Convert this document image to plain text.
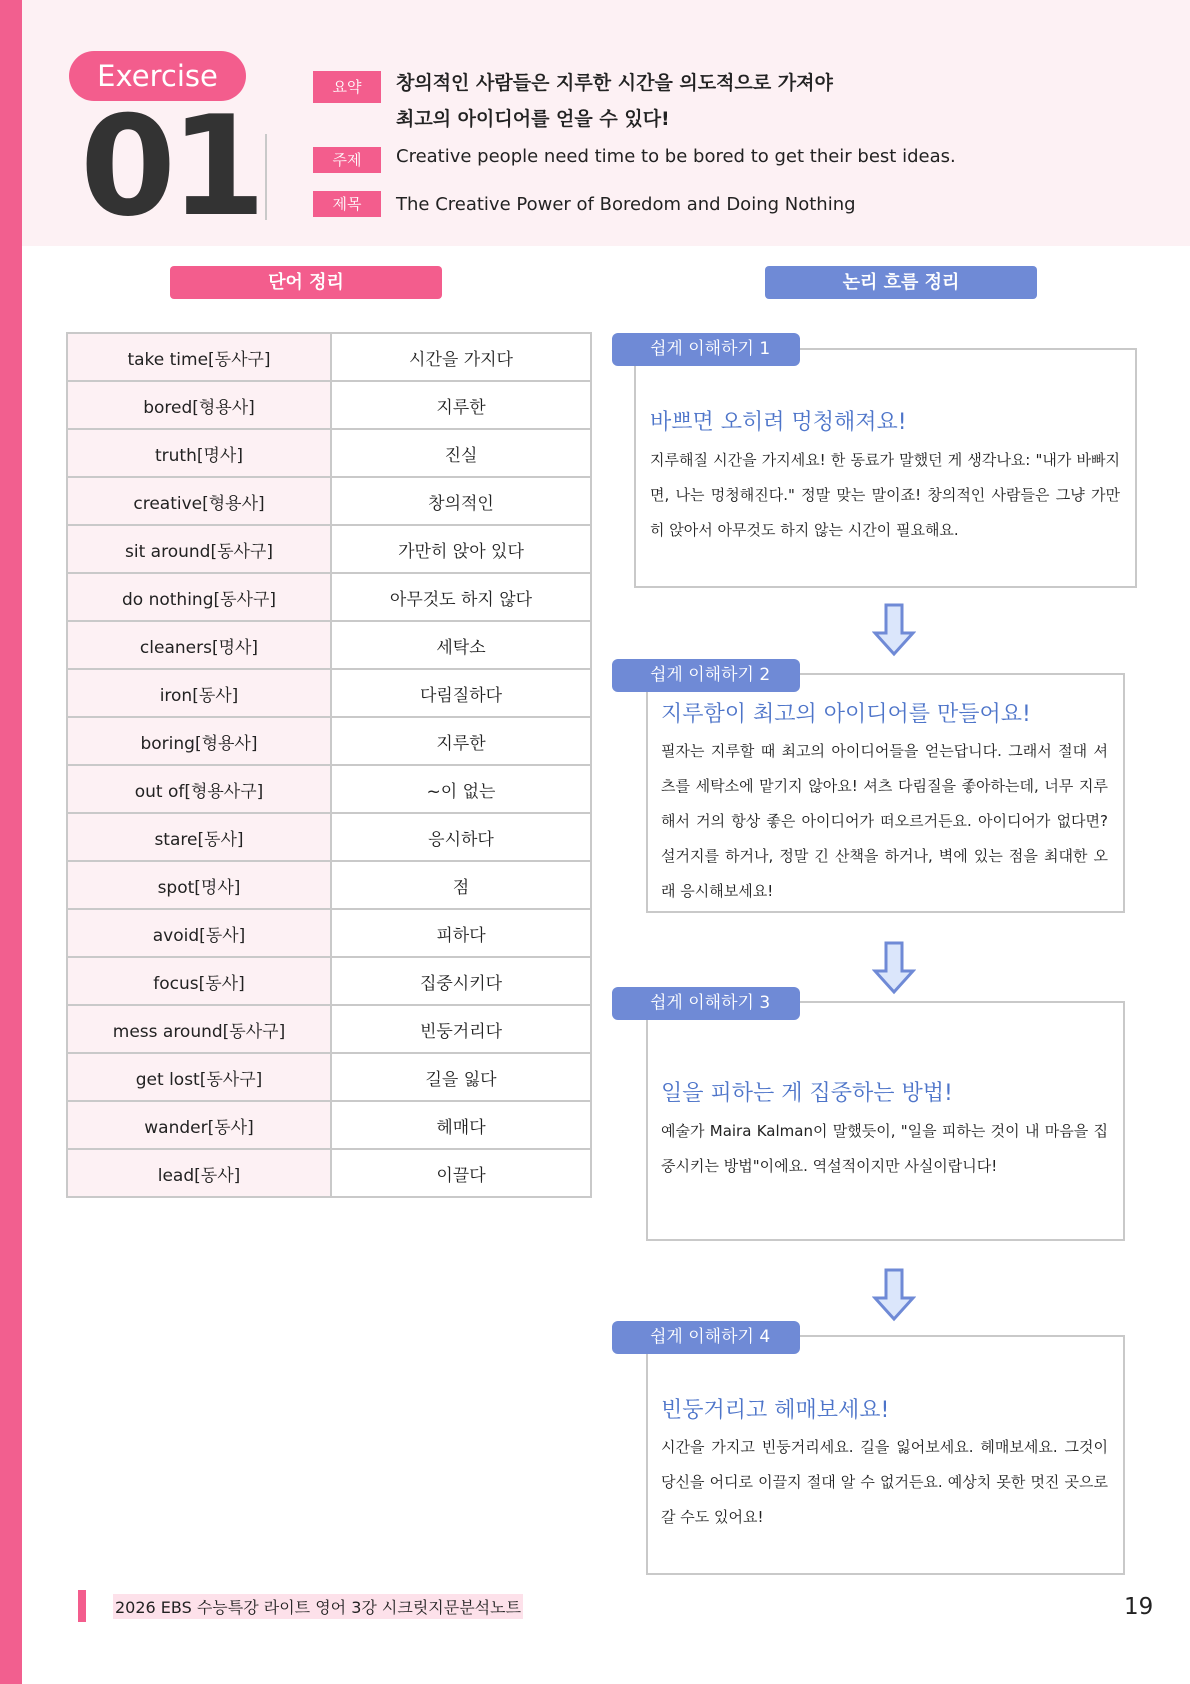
Exercise
01	요약	창의적인 사람들은 지루한 시간을 의도적으로 가져야
최고의 아이디어를 얻을 수 있다!
주제	Creative people need time to be bored to get their best ideas.
제목	The Creative Power of Boredom and Doing Nothing
단어 정리	논리 흐름 정리
take time[동사구]	시간을 가지다
bored[형용사]	지루한
truth[명사]	진실
creative[형용사]	창의적인
sit around[동사구]	가만히 앉아 있다
do nothing[동사구]	아무것도 하지 않다
cleaners[명사]	세탁소
iron[동사]	다림질하다
boring[형용사]	지루한
out of[형용사구]	~이 없는
stare[동사]	응시하다
spot[명사]	점
avoid[동사]	피하다
focus[동사]	집중시키다
mess around[동사구]	빈둥거리다
get lost[동사구]	길을 잃다
wander[동사]	헤매다
lead[동사]	이끌다
쉽게 이해하기 1
바쁘면 오히려 멍청해져요!
지루해질 시간을 가지세요! 한 동료가 말했던 게 생각나요: "내가 바빠지면, 나는 멍청해진다." 정말 맞는 말이죠! 창의적인 사람들은 그냥 가만히 앉아서 아무것도 하지 않는 시간이 필요해요.
쉽게 이해하기 2
지루함이 최고의 아이디어를 만들어요!
필자는 지루할 때 최고의 아이디어들을 얻는답니다. 그래서 절대 셔츠를 세탁소에 맡기지 않아요! 셔츠 다림질을 좋아하는데, 너무 지루해서 거의 항상 좋은 아이디어가 떠오르거든요. 아이디어가 없다면? 설거지를 하거나, 정말 긴 산책을 하거나, 벽에 있는 점을 최대한 오래 응시해보세요!
쉽게 이해하기 3
일을 피하는 게 집중하는 방법!
예술가 Maira Kalman이 말했듯이, "일을 피하는 것이 내 마음을 집중시키는 방법"이에요. 역설적이지만 사실이랍니다!
쉽게 이해하기 4
빈둥거리고 헤매보세요!
시간을 가지고 빈둥거리세요. 길을 잃어보세요. 헤매보세요. 그것이 당신을 어디로 이끌지 절대 알 수 없거든요. 예상치 못한 멋진 곳으로 갈 수도 있어요!
2026 EBS 수능특강 라이트 영어 3강 시크릿지문분석노트	19
